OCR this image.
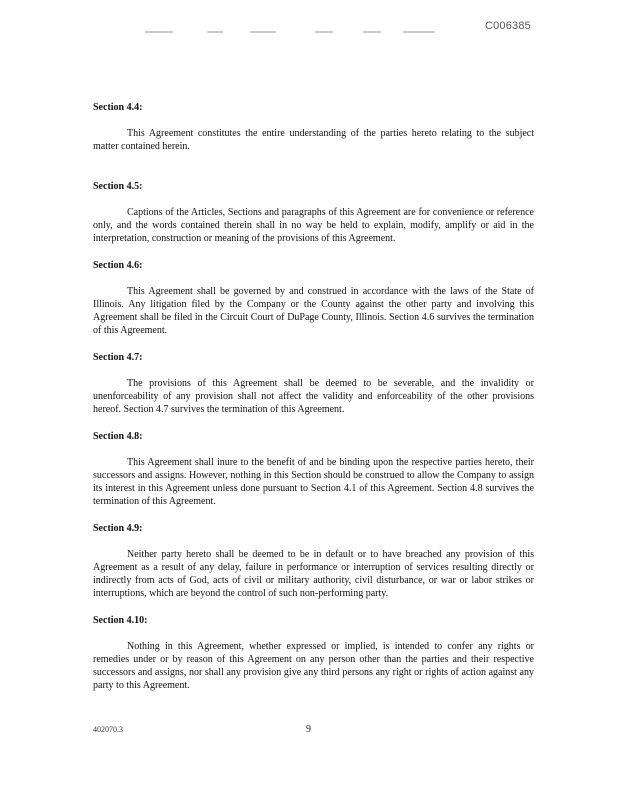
C006385

Section 4.4:

This Agreement constitutes the entire understanding of the parties hereto relating to the subject matter contained herein.

Section 4.5:

Captions of the Articles, Sections and paragraphs of this Agreement are for convenience or reference only, and the words contained therein shall in no way be held to explain, modify, amplify or aid in the interpretation, construction or meaning of the provisions of this Agreement.

Section 4.6:

This Agreement shall be governed by and construed in accordance with the laws of the State of Illinois. Any litigation filed by the Company or the County against the other party and involving this Agreement shall be filed in the Circuit Court of DuPage County, Illinois. Section 4.6 survives the termination of this Agreement.

Section 4.7:

The provisions of this Agreement shall be deemed to be severable, and the invalidity or unenforceability of any provision shall not affect the validity and enforceability of the other provisions hereof. Section 4.7 survives the termination of this Agreement.

Section 4.8:

This Agreement shall inure to the benefit of and be binding upon the respective parties hereto, their successors and assigns. However, nothing in this Section should be construed to allow the Company to assign its interest in this Agreement unless done pursuant to Section 4.1 of this Agreement. Section 4.8 survives the termination of this Agreement.

Section 4.9:

Neither party hereto shall be deemed to be in default or to have breached any provision of this Agreement as a result of any delay, failure in performance or interruption of services resulting directly or indirectly from acts of God, acts of civil or military authority, civil disturbance, or war or labor strikes or interruptions, which are beyond the control of such non-performing party.

Section 4.10:

Nothing in this Agreement, whether expressed or implied, is intended to confer any rights or remedies under or by reason of this Agreement on any person other than the parties and their respective successors and assigns, nor shall any provision give any third persons any right or rights of action against any party to this Agreement.

402070.3	9
